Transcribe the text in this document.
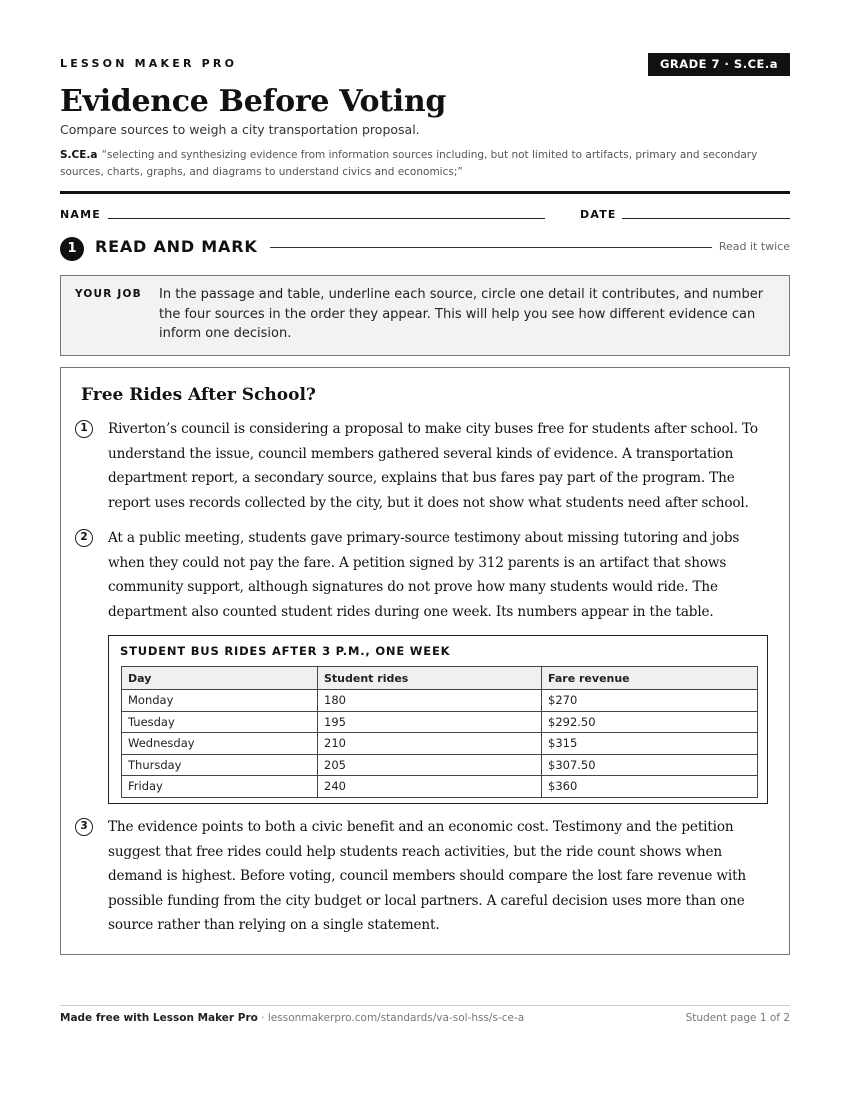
LESSON MAKER PRO	GRADE 7 · S.CE.a
Evidence Before Voting
Compare sources to weigh a city transportation proposal.
S.CE.a “selecting and synthesizing evidence from information sources including, but not limited to artifacts, primary and secondary sources, charts, graphs, and diagrams to understand civics and economics;”
NAME	DATE
1	READ AND MARK	Read it twice
YOUR JOB In the passage and table, underline each source, circle one detail it contributes, and number the four sources in the order they appear. This will help you see how different evidence can inform one decision.
Free Rides After School?
1	Riverton’s council is considering a proposal to make city buses free for students after school. To understand the issue, council members gathered several kinds of evidence. A transportation department report, a secondary source, explains that bus fares pay part of the program. The report uses records collected by the city, but it does not show what students need after school.
2	At a public meeting, students gave primary-source testimony about missing tutoring and jobs when they could not pay the fare. A petition signed by 312 parents is an artifact that shows community support, although signatures do not prove how many students would ride. The department also counted student rides during one week. Its numbers appear in the table.
STUDENT BUS RIDES AFTER 3 P.M., ONE WEEK
Day	Student rides	Fare revenue
Monday	180	$270
Tuesday	195	$292.50
Wednesday	210	$315
Thursday	205	$307.50
Friday	240	$360
3	The evidence points to both a civic benefit and an economic cost. Testimony and the petition suggest that free rides could help students reach activities, but the ride count shows when demand is highest. Before voting, council members should compare the lost fare revenue with possible funding from the city budget or local partners. A careful decision uses more than one source rather than relying on a single statement.
Made free with Lesson Maker Pro · lessonmakerpro.com/standards/va-sol-hss/s-ce-a	Student page 1 of 2
